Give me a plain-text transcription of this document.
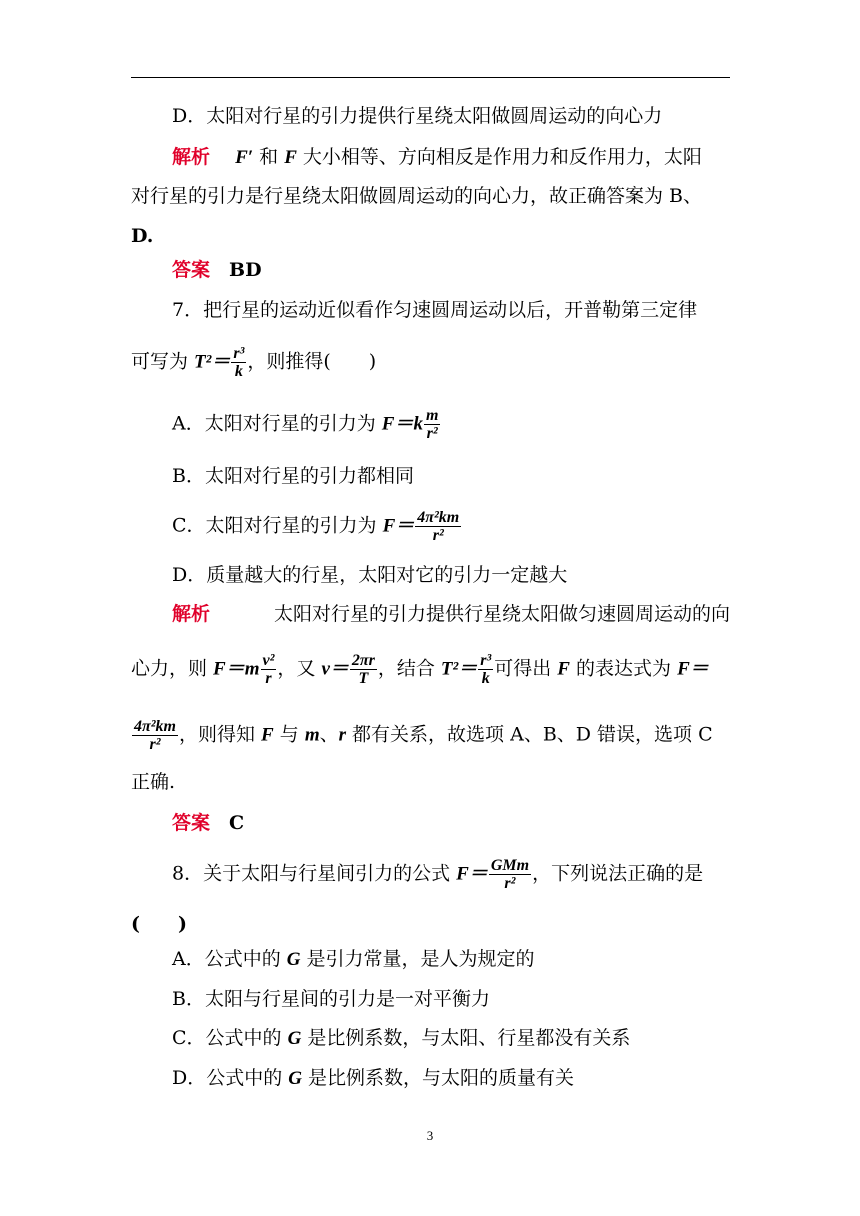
D．太阳对行星的引力提供行星绕太阳做圆周运动的向心力
解析　 F′ 和 F 大小相等、方向相反是作用力和反作用力，太阳
对行星的引力是行星绕太阳做圆周运动的向心力，故正确答案为 B、
D.
答案　 BD
7．把行星的运动近似看作匀速圆周运动以后，开普勒第三定律
可写为 $T^2= \frac{\text{r³}}{k}$ ，则推得(　　)
A．太阳对行星的引力为 $F=k \frac{m}{\text{r²}}$
B．太阳对行星的引力都相同
C．太阳对行星的引力为 $F= \frac{\text{4π²km}}{\text{r²}}$
D．质量越大的行星，太阳对它的引力一定越大
解析	太阳对行星的引力提供行星绕太阳做匀速圆周运动的向
心力，则 $F=m \frac{\text{v²}}{r}$ ，又 $v= \frac{2\pi r}{T}$ ，结合 $T^2= \frac{\text{r³}}{k}$ 可得出 F 的表达式为 F＝
$\frac{\text{4π²km}}{\text{r²}}$ ，则得知 F 与 m、r 都有关系，故选项 A、B、D 错误，选项 C
正确.
答案　 C
8．关于太阳与行星间引力的公式 $F= \frac{\text{GMm}}{\text{r²}}$ ，下列说法正确的是
(　　)
A．公式中的 G 是引力常量，是人为规定的
B．太阳与行星间的引力是一对平衡力
C．公式中的 G 是比例系数，与太阳、行星都没有关系
D．公式中的 G 是比例系数，与太阳的质量有关
3
